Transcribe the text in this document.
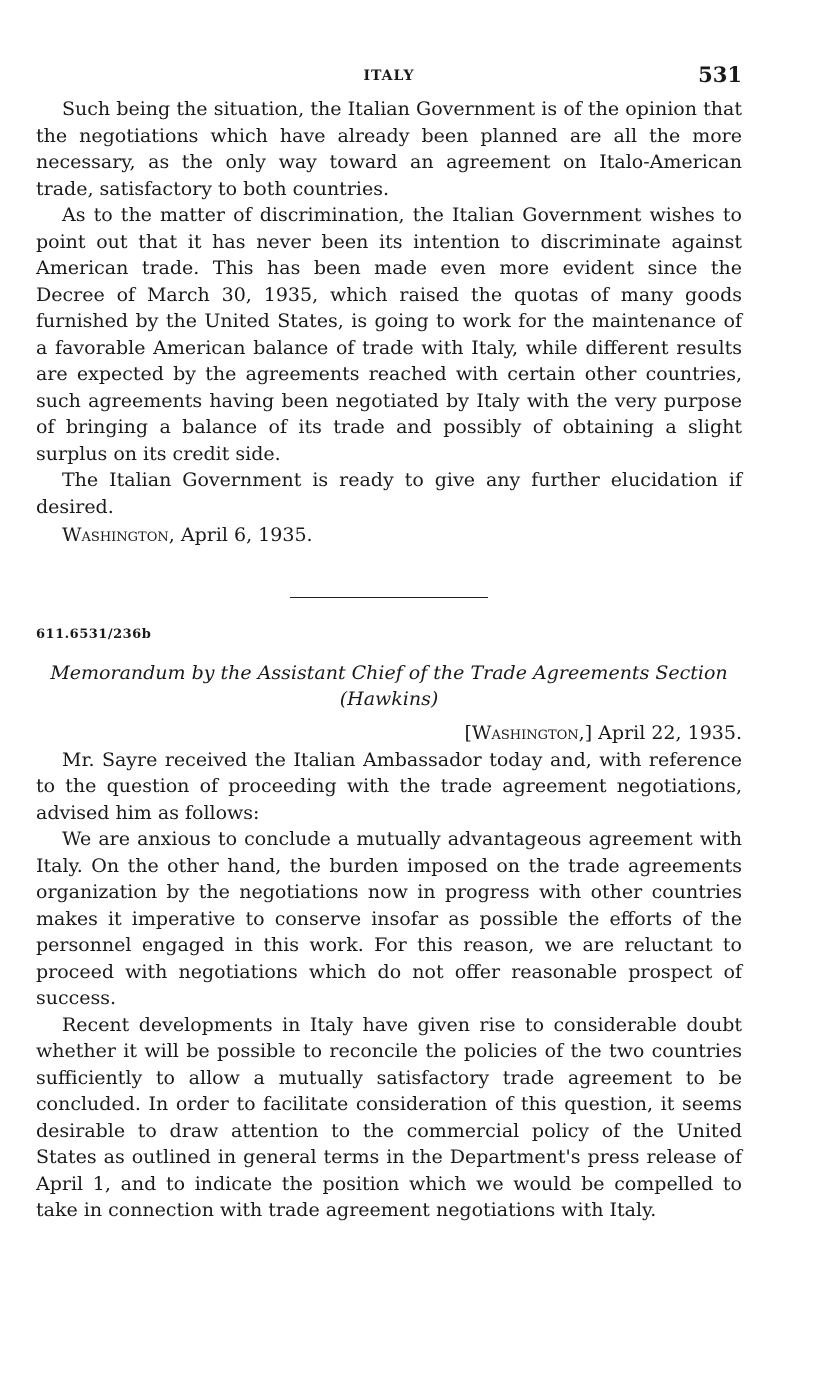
ITALY	531

Such being the situation, the Italian Government is of the opinion that the negotiations which have already been planned are all the more necessary, as the only way toward an agreement on Italo-American trade, satisfactory to both countries.

As to the matter of discrimination, the Italian Government wishes to point out that it has never been its intention to discriminate against American trade. This has been made even more evident since the Decree of March 30, 1935, which raised the quotas of many goods furnished by the United States, is going to work for the maintenance of a favorable American balance of trade with Italy, while different results are expected by the agreements reached with certain other countries, such agreements having been negotiated by Italy with the very purpose of bringing a balance of its trade and possibly of obtaining a slight surplus on its credit side.

The Italian Government is ready to give any further elucidation if desired.

Washington, April 6, 1935.

611.6531/236b

Memorandum by the Assistant Chief of the Trade Agreements Section
(Hawkins)

[Washington,] April 22, 1935.

Mr. Sayre received the Italian Ambassador today and, with reference to the question of proceeding with the trade agreement negotiations, advised him as follows:

We are anxious to conclude a mutually advantageous agreement with Italy. On the other hand, the burden imposed on the trade agreements organization by the negotiations now in progress with other countries makes it imperative to conserve insofar as possible the efforts of the personnel engaged in this work. For this reason, we are reluctant to proceed with negotiations which do not offer reasonable prospect of success.

Recent developments in Italy have given rise to considerable doubt whether it will be possible to reconcile the policies of the two countries sufficiently to allow a mutually satisfactory trade agreement to be concluded. In order to facilitate consideration of this question, it seems desirable to draw attention to the commercial policy of the United States as outlined in general terms in the Department's press release of April 1, and to indicate the position which we would be compelled to take in connection with trade agreement negotiations with Italy.
